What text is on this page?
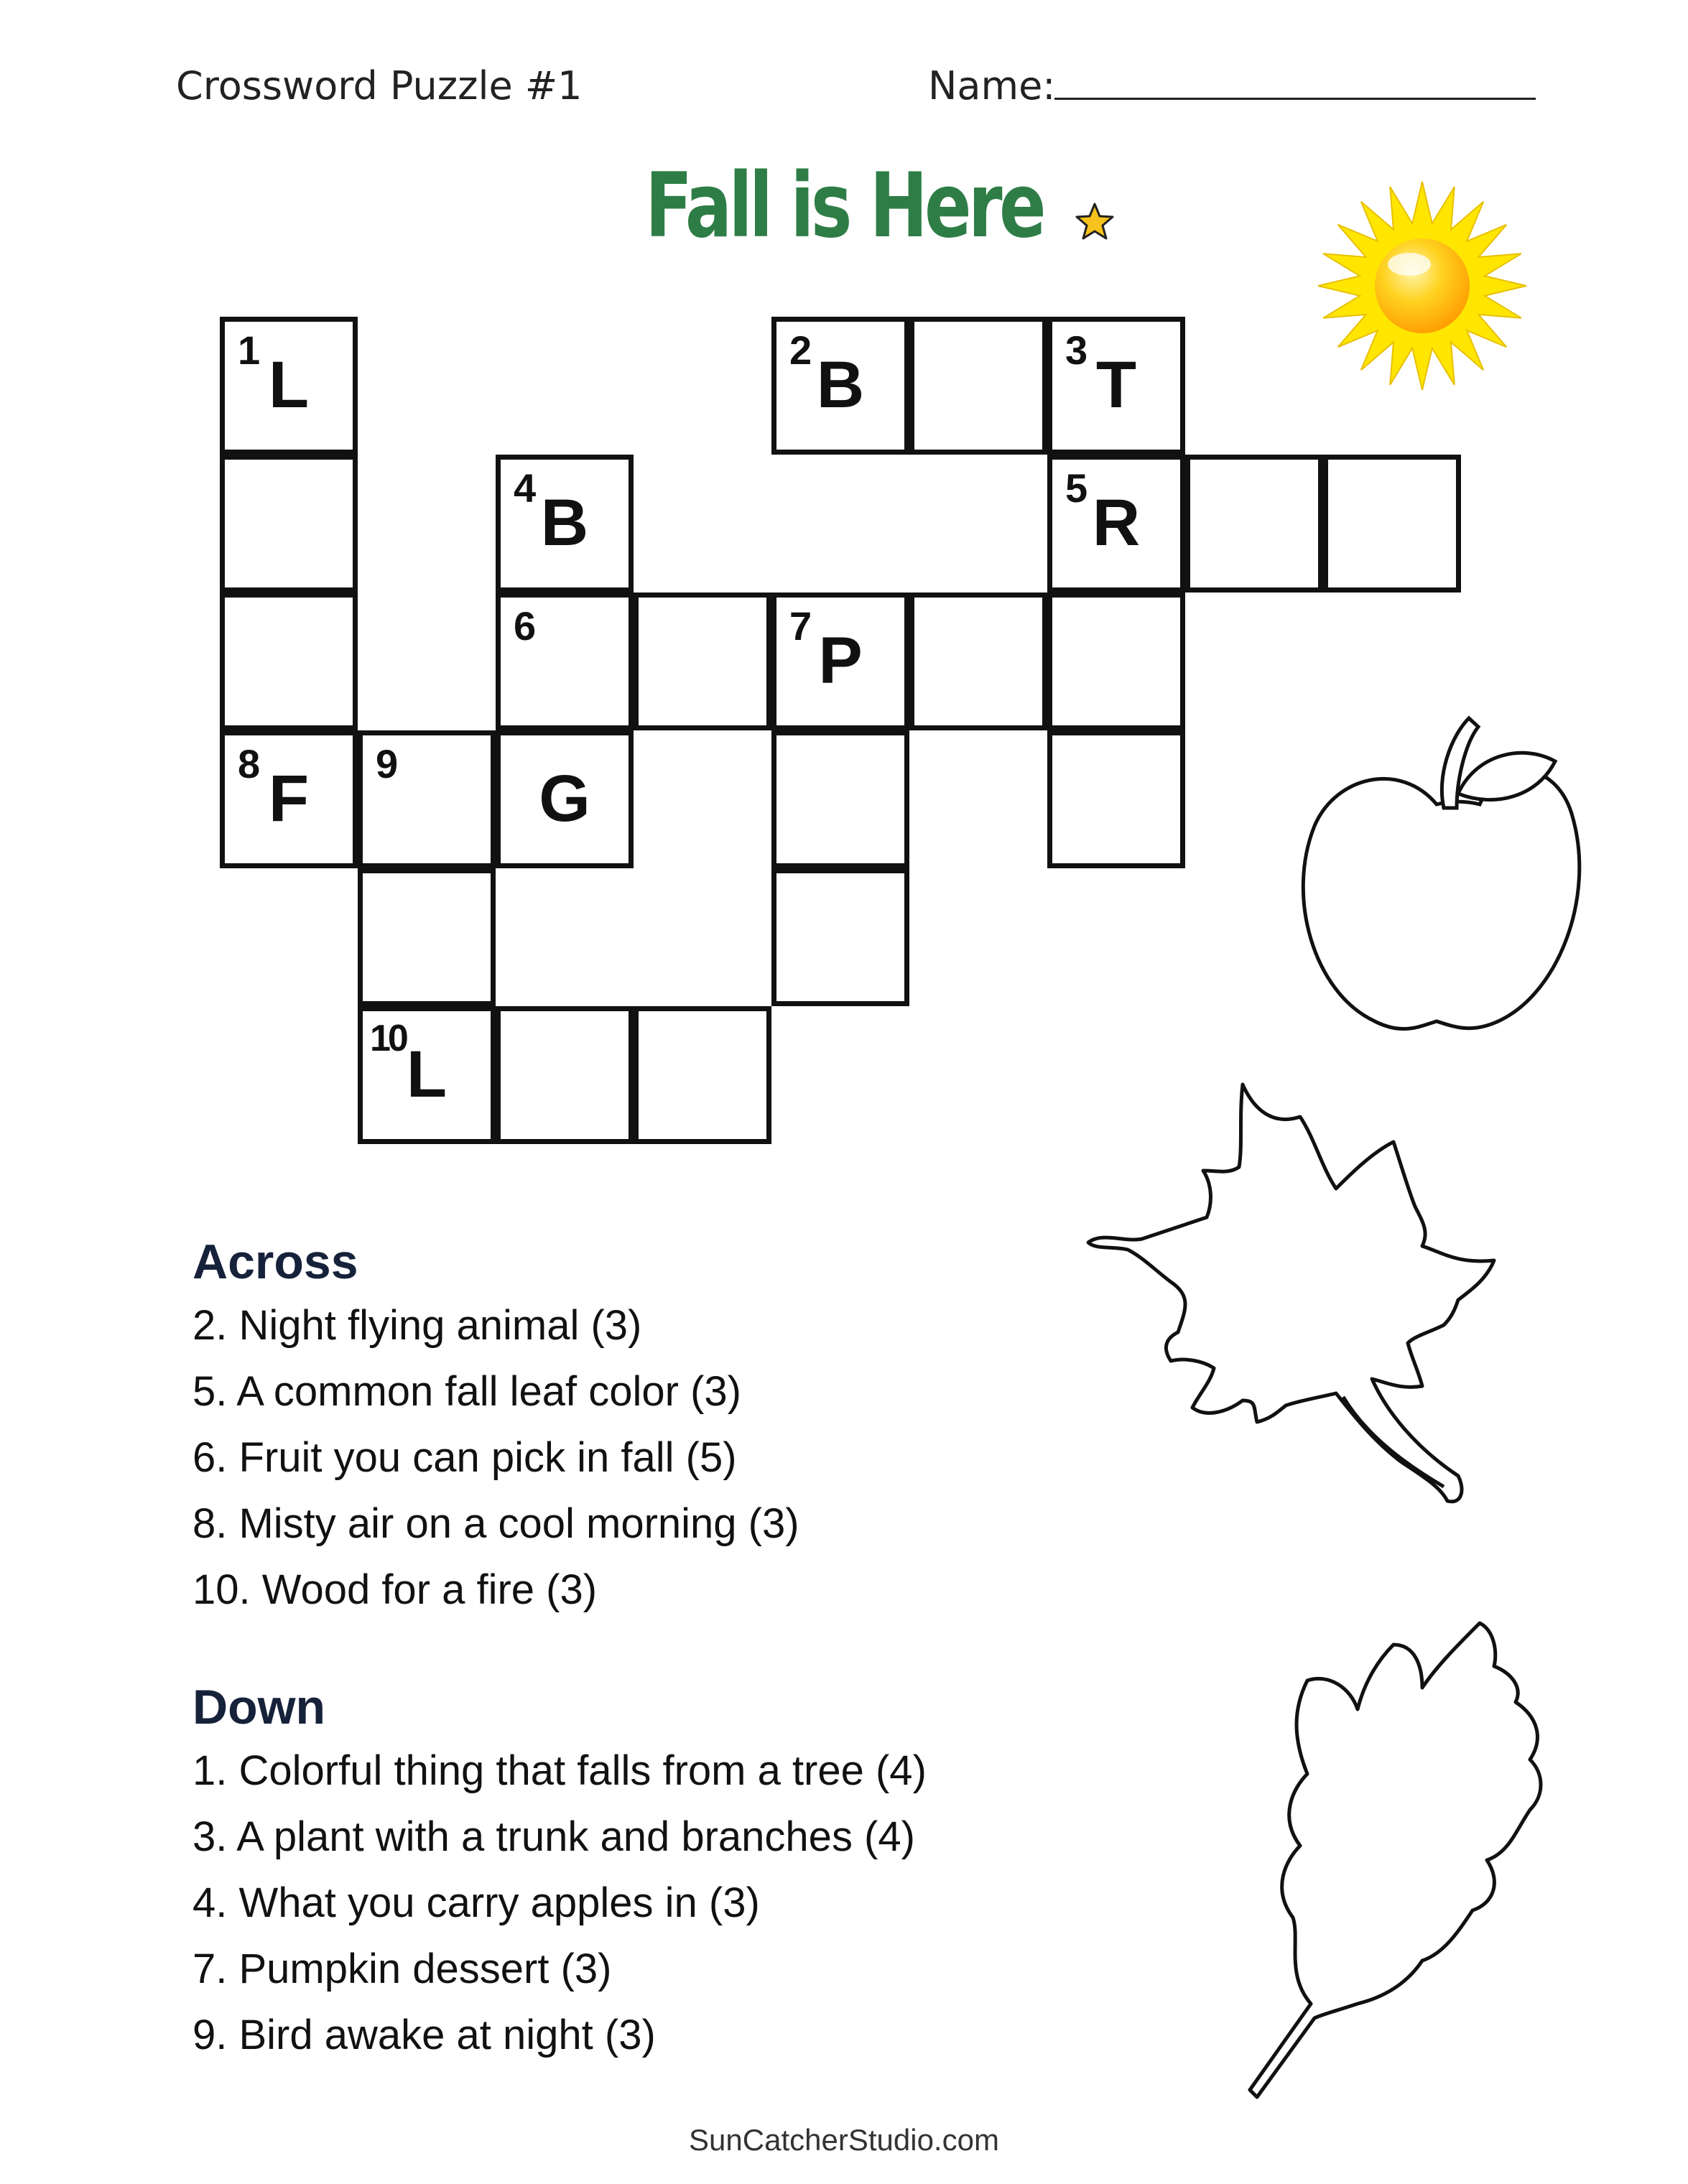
Crossword Puzzle #1	Name:
Fall is Here
1 L	2 B	3 T
4 B	5 R
6	7 P
8 F	9	G
10 L
Across
2. Night flying animal (3)
5. A common fall leaf color (3)
6. Fruit you can pick in fall (5)
8. Misty air on a cool morning (3)
10. Wood for a fire (3)
Down
1. Colorful thing that falls from a tree (4)
3. A plant with a trunk and branches (4)
4. What you carry apples in (3)
7. Pumpkin dessert (3)
9. Bird awake at night (3)
SunCatcherStudio.com
